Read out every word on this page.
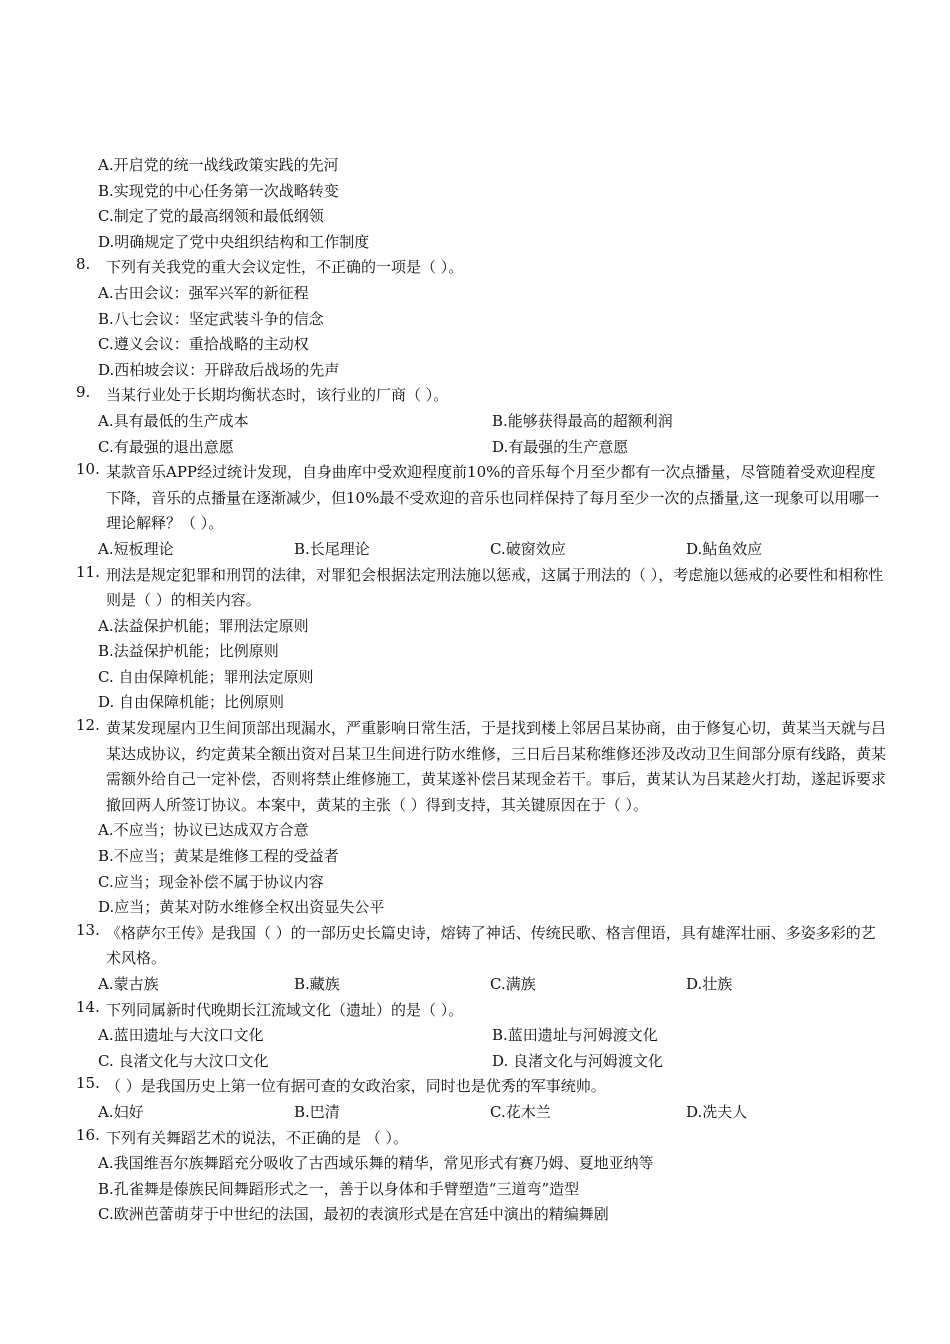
A.开启党的统一战线政策实践的先河
B.实现党的中心任务第一次战略转变
C.制定了党的最高纲领和最低纲领
D.明确规定了党中央组织结构和工作制度
8.	下列有关我党的重大会议定性，不正确的一项是（ ）。
A.古田会议：强军兴军的新征程
B.八七会议：坚定武装斗争的信念
C.遵义会议：重拾战略的主动权
D.西柏坡会议：开辟敌后战场的先声
9.	当某行业处于长期均衡状态时，该行业的厂商（ ）。
A.具有最低的生产成本	B.能够获得最高的超额利润
C.有最强的退出意愿	D.有最强的生产意愿
10. 某款音乐APP经过统计发现，自身曲库中受欢迎程度前10%的音乐每个月至少都有一次点播量，尽管随着受欢迎程度下降，音乐的点播量在逐渐减少，但10%最不受欢迎的音乐也同样保持了每月至少一次的点播量,这一现象可以用哪一理论解释？（ ）。
A.短板理论	B.长尾理论	C.破窗效应	D.鲇鱼效应
11. 刑法是规定犯罪和刑罚的法律，对罪犯会根据法定刑法施以惩戒，这属于刑法的（ ），考虑施以惩戒的必要性和相称性则是（ ）的相关内容。
A.法益保护机能；罪刑法定原则
B.法益保护机能；比例原则
C. 自由保障机能；罪刑法定原则
D. 自由保障机能；比例原则
12. 黄某发现屋内卫生间顶部出现漏水，严重影响日常生活，于是找到楼上邻居吕某协商，由于修复心切，黄某当天就与吕某达成协议，约定黄某全额出资对吕某卫生间进行防水维修，三日后吕某称维修还涉及改动卫生间部分原有线路，黄某需额外给自己一定补偿，否则将禁止维修施工，黄某遂补偿吕某现金若干。事后，黄某认为吕某趁火打劫，遂起诉要求撤回两人所签订协议。本案中，黄某的主张（ ）得到支持，其关键原因在于（ ）。
A.不应当；协议已达成双方合意
B.不应当；黄某是维修工程的受益者
C.应当；现金补偿不属于协议内容
D.应当；黄某对防水维修全权出资显失公平
13. 《格萨尔王传》是我国（ ）的一部历史长篇史诗，熔铸了神话、传统民歌、格言俚语，具有雄浑壮丽、多姿多彩的艺术风格。
A.蒙古族	B.藏族	C.满族	D.壮族
14. 下列同属新时代晚期长江流域文化（遗址）的是（ ）。
A.蓝田遗址与大汶口文化	B.蓝田遗址与河姆渡文化
C. 良渚文化与大汶口文化	D. 良渚文化与河姆渡文化
15. （ ）是我国历史上第一位有据可查的女政治家，同时也是优秀的军事统帅。
A.妇好	B.巴清	C.花木兰	D.冼夫人
16. 下列有关舞蹈艺术的说法，不正确的是 （ ）。
A.我国维吾尔族舞蹈充分吸收了古西域乐舞的精华，常见形式有赛乃姆、夏地亚纳等
B.孔雀舞是傣族民间舞蹈形式之一，善于以身体和手臂塑造“三道弯”造型
C.欧洲芭蕾萌芽于中世纪的法国，最初的表演形式是在宫廷中演出的精编舞剧
